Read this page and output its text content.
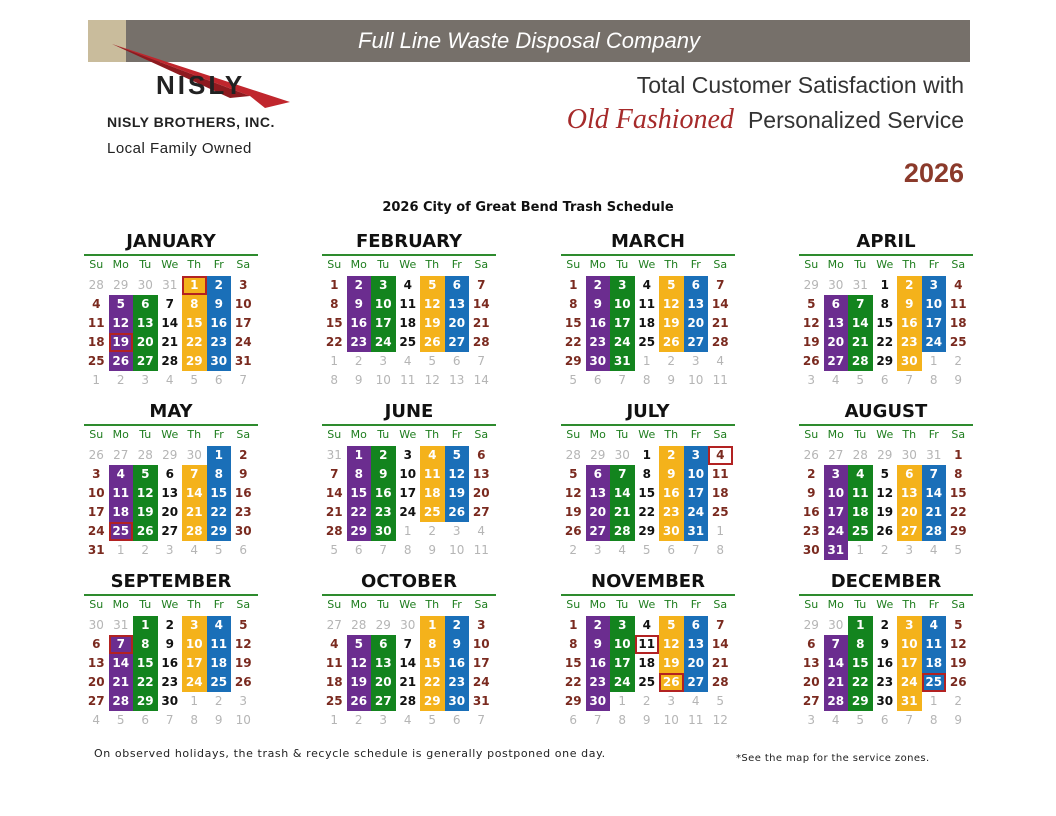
Full Line Waste Disposal Company
NISLY
NISLY BROTHERS, INC.
Local Family Owned
Total Customer Satisfaction with
Old Fashioned Personalized Service
2026
2026 City of Great Bend Trash Schedule
JANUARY
Su Mo Tu We Th	Fr	Sa
28 29 30 31	1	2	3
4	5	6	7	8	9 10
11 12 13 14 15 16 17
18 19 20 21 22 23 24
25 26 27 28 29 30 31
1	2	3	4	5	6	7
FEBRUARY
Su Mo Tu We Th	Fr	Sa
1	2	3	4	5	6	7
8	9 10 11 12 13 14
15 16 17 18 19 20 21
22 23 24 25 26 27 28
1	2	3	4	5	6	7
8	9	10 11 12 13 14
MARCH
Su Mo Tu We Th	Fr	Sa
1	2	3	4	5	6	7
8	9 10 11 12 13 14
15 16 17 18 19 20 21
22 23 24 25 26 27 28
29 30 31	1	2	3	4
5	6	7	8	9	10 11
APRIL
Su Mo Tu We Th	Fr	Sa
29 30 31	1	2	3	4
5	6	7	8	9 10 11
12 13 14 15 16 17 18
19 20 21 22 23 24 25
26 27 28 29 30	1	2
3	4	5	6	7	8	9
MAY
Su Mo Tu We Th	Fr	Sa
26 27 28 29 30	1	2
3	4	5	6	7	8	9
10 11 12 13 14 15 16
17 18 19 20 21 22 23
24 25 26 27 28 29 30
31	1	2	3	4	5	6
JUNE
Su Mo Tu We Th	Fr	Sa
31	1	2	3	4	5	6
7	8	9 10 11 12 13
14 15 16 17 18 19 20
21 22 23 24 25 26 27
28 29 30	1	2	3	4
5	6	7	8	9	10 11
JULY
Su Mo Tu We Th	Fr	Sa
28 29 30	1	2	3	4
5	6	7	8	9 10 11
12 13 14 15 16 17 18
19 20 21 22 23 24 25
26 27 28 29 30 31	1
2	3	4	5	6	7	8
AUGUST
Su Mo Tu We Th	Fr	Sa
26 27 28 29 30 31	1
2	3	4	5	6	7	8
9 10 11 12 13 14 15
16 17 18 19 20 21 22
23 24 25 26 27 28 29
30 31	1	2	3	4	5
SEPTEMBER
Su Mo Tu We Th	Fr	Sa
30 31	1	2	3	4	5
6	7	8	9 10 11 12
13 14 15 16 17 18 19
20 21 22 23 24 25 26
27 28 29 30	1	2	3
4	5	6	7	8	9	10
OCTOBER
Su Mo Tu We Th	Fr	Sa
27 28 29 30	1	2	3
4	5	6	7	8	9 10
11 12 13 14 15 16 17
18 19 20 21 22 23 24
25 26 27 28 29 30 31
1	2	3	4	5	6	7
NOVEMBER
Su Mo Tu We Th	Fr	Sa
1	2	3	4	5	6	7
8	9 10 11 12 13 14
15 16 17 18 19 20 21
22 23 24 25 26 27 28
29 30	1	2	3	4	5
6	7	8	9	10 11 12
DECEMBER
Su Mo Tu We Th	Fr	Sa
29 30	1	2	3	4	5
6	7	8	9 10 11 12
13 14 15 16 17 18 19
20 21 22 23 24 25 26
27 28 29 30 31	1	2
3	4	5	6	7	8	9
On observed holidays, the trash & recycle schedule is generally postponed one day.	*See the map for the service zones.
